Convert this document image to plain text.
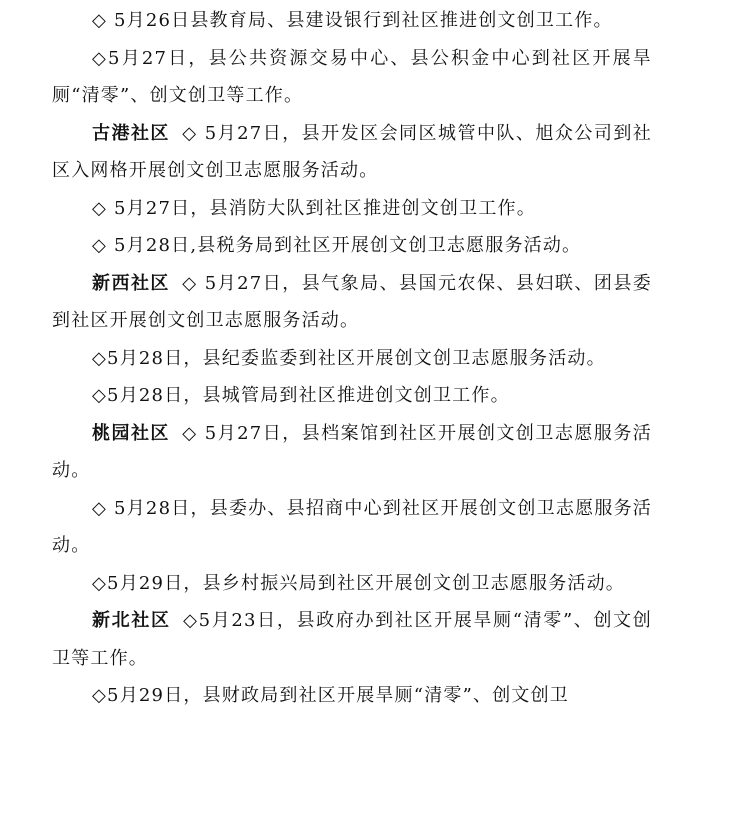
◇ 5月26日县教育局、县建设银行到社区推进创文创卫工作。

◇5月27日，县公共资源交易中心、县公积金中心到社区开展旱厕“清零”、创文创卫等工作。

古港社区 ◇ 5月27日，县开发区会同区城管中队、旭众公司到社区入网格开展创文创卫志愿服务活动。

◇ 5月27日，县消防大队到社区推进创文创卫工作。

◇ 5月28日,县税务局到社区开展创文创卫志愿服务活动。

新西社区 ◇ 5月27日，县气象局、县国元农保、县妇联、团县委到社区开展创文创卫志愿服务活动。

◇5月28日，县纪委监委到社区开展创文创卫志愿服务活动。

◇5月28日，县城管局到社区推进创文创卫工作。

桃园社区 ◇ 5月27日，县档案馆到社区开展创文创卫志愿服务活动。

◇ 5月28日，县委办、县招商中心到社区开展创文创卫志愿服务活动。

◇5月29日，县乡村振兴局到社区开展创文创卫志愿服务活动。

新北社区 ◇5月23日，县政府办到社区开展旱厕“清零”、创文创卫等工作。

◇5月29日，县财政局到社区开展旱厕“清零”、创文创卫
